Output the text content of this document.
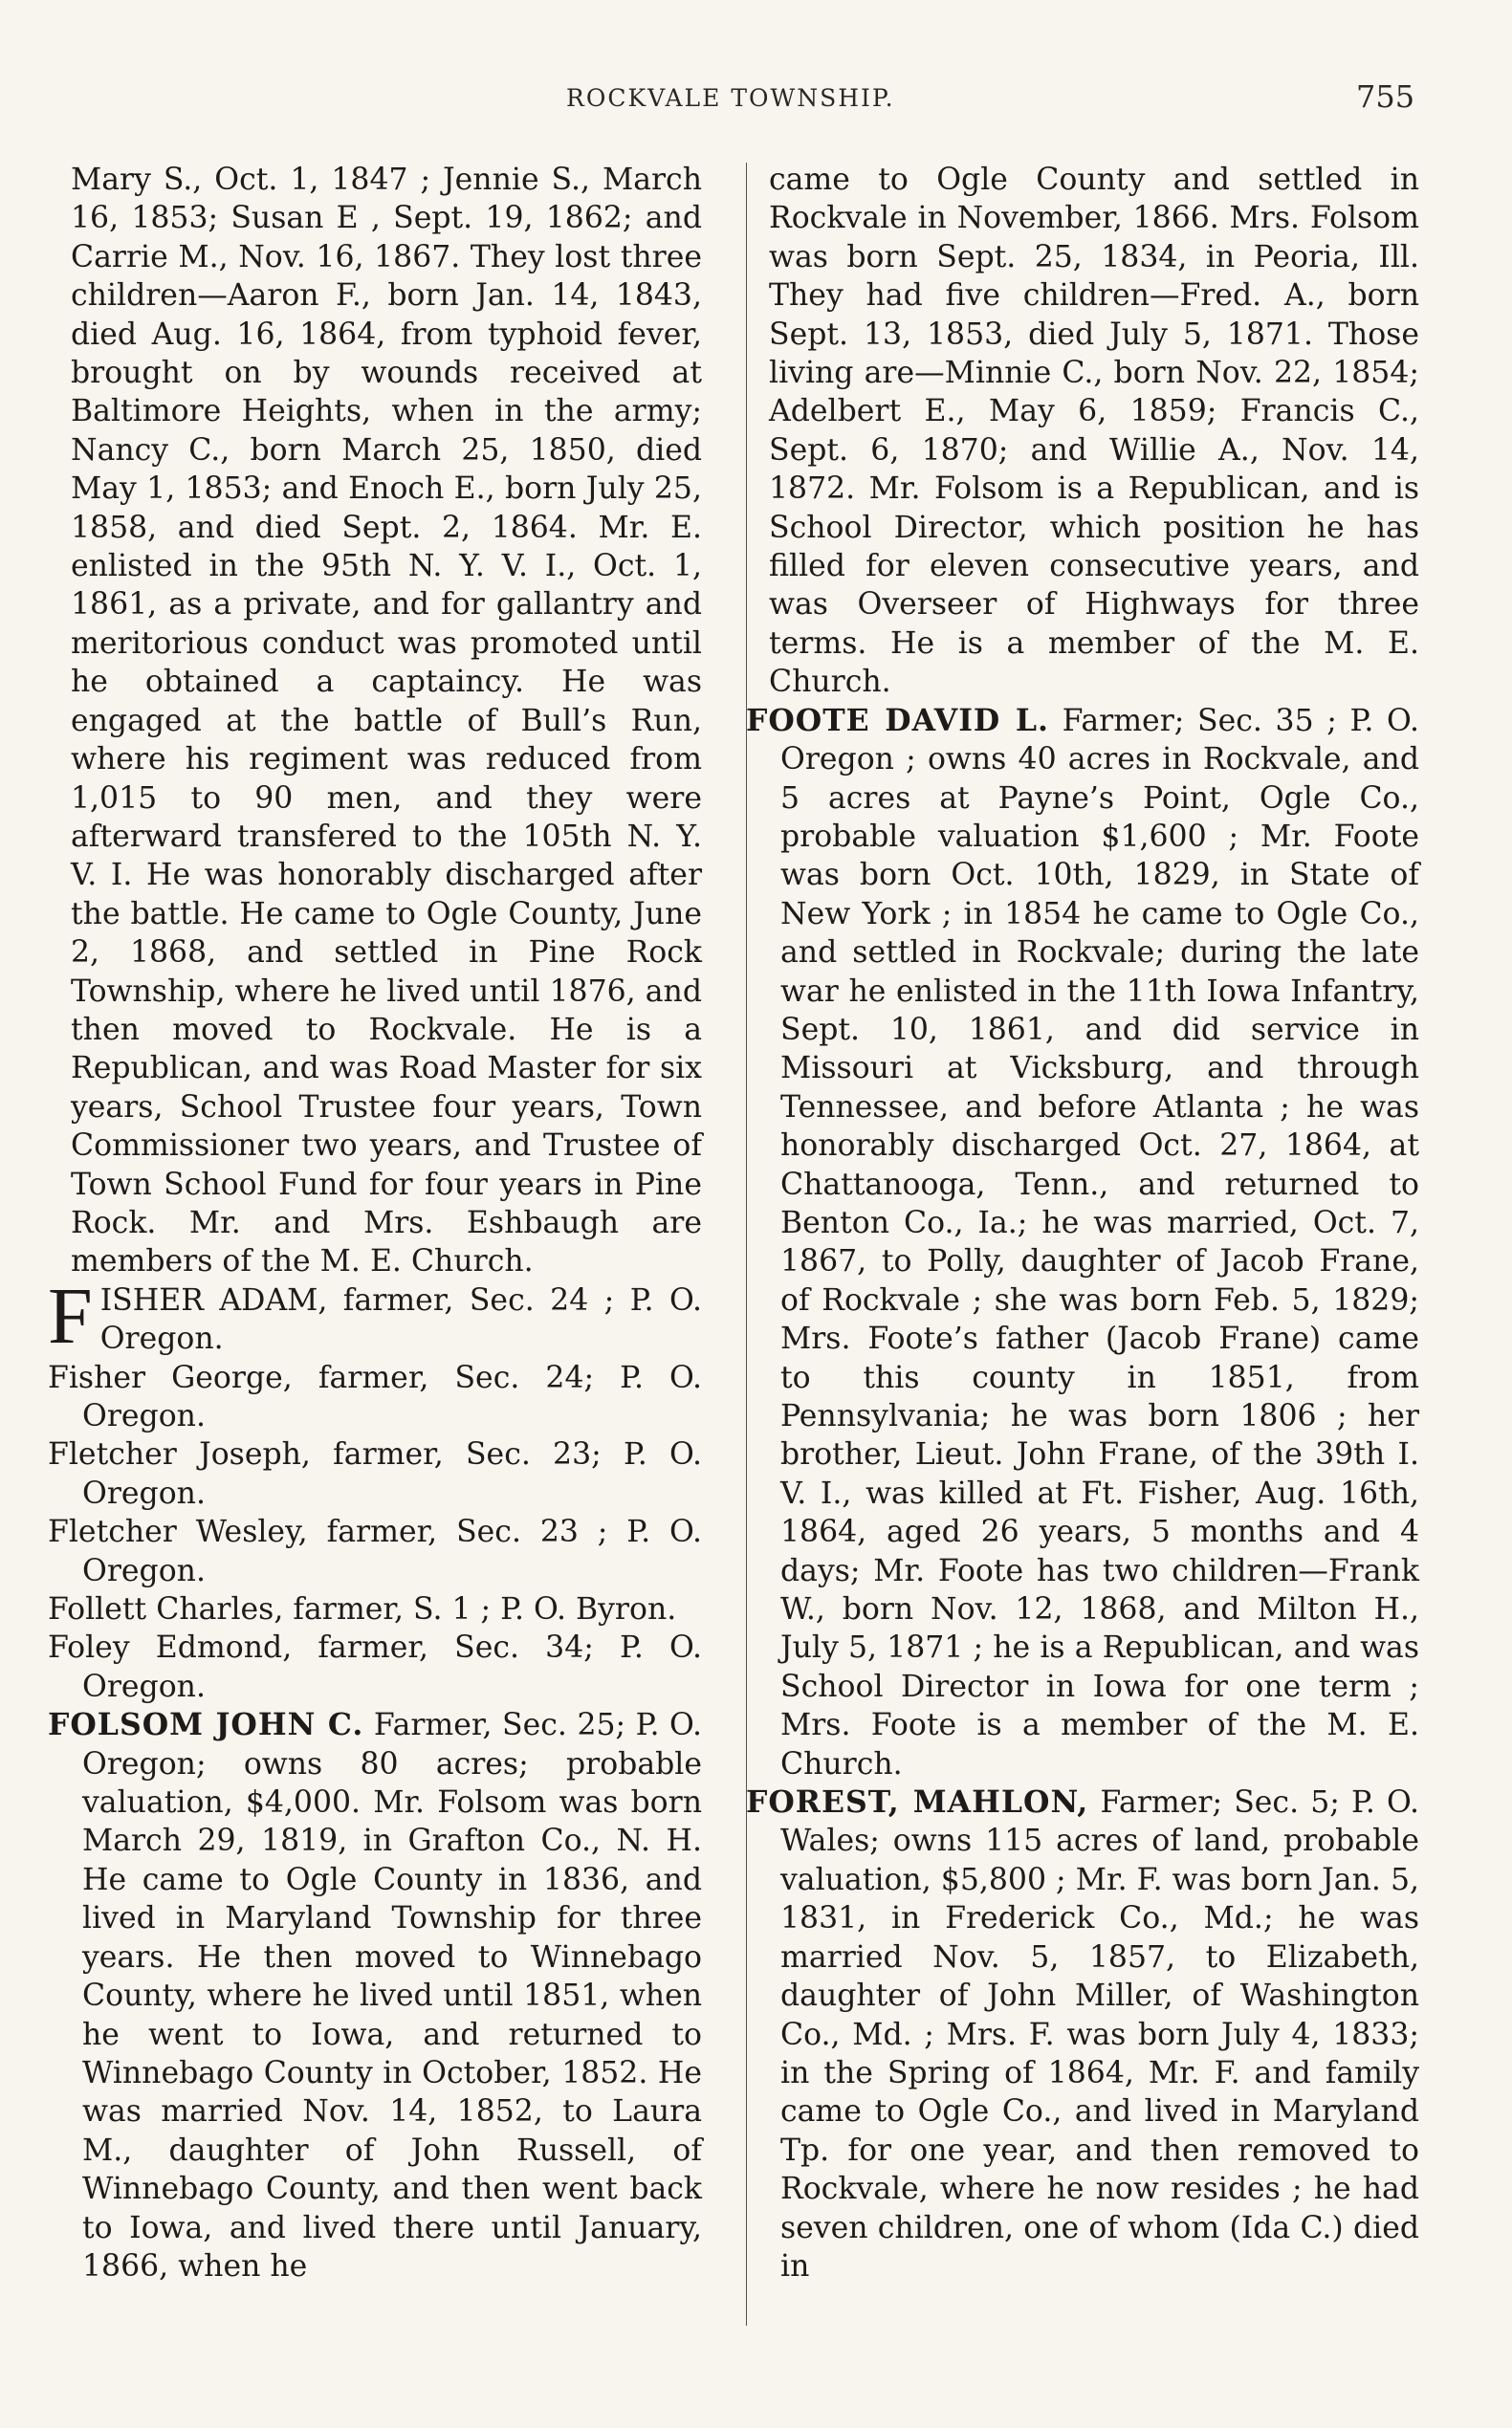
ROCKVALE TOWNSHIP.	755

Mary S., Oct. 1, 1847 ; Jennie S., March 16, 1853; Susan E , Sept. 19, 1862; and Carrie M., Nov. 16, 1867. They lost three children—Aaron F., born Jan. 14, 1843, died Aug. 16, 1864, from typhoid fever, brought on by wounds received at Baltimore Heights, when in the army; Nancy C., born March 25, 1850, died May 1, 1853; and Enoch E., born July 25, 1858, and died Sept. 2, 1864. Mr. E. enlisted in the 95th N. Y. V. I., Oct. 1, 1861, as a private, and for gallantry and meritorious conduct was promoted until he obtained a captaincy. He was engaged at the battle of Bull’s Run, where his regiment was reduced from 1,015 to 90 men, and they were afterward transfered to the 105th N. Y. V. I. He was honorably discharged after the battle. He came to Ogle County, June 2, 1868, and settled in Pine Rock Township, where he lived until 1876, and then moved to Rockvale. He is a Republican, and was Road Master for six years, School Trustee four years, Town Commissioner two years, and Trustee of Town School Fund for four years in Pine Rock. Mr. and Mrs. Eshbaugh are members of the M. E. Church.

FISHER ADAM, farmer, Sec. 24 ; P. O. Oregon.

Fisher George, farmer, Sec. 24; P. O. Oregon.

Fletcher Joseph, farmer, Sec. 23; P. O. Oregon.

Fletcher Wesley, farmer, Sec. 23 ; P. O. Oregon.

Follett Charles, farmer, S. 1 ; P. O. Byron.

Foley Edmond, farmer, Sec. 34; P. O. Oregon.

FOLSOM JOHN C. Farmer, Sec. 25; P. O. Oregon; owns 80 acres; probable valuation, $4,000. Mr. Folsom was born March 29, 1819, in Grafton Co., N. H. He came to Ogle County in 1836, and lived in Maryland Township for three years. He then moved to Winnebago County, where he lived until 1851, when he went to Iowa, and returned to Winnebago County in October, 1852. He was married Nov. 14, 1852, to Laura M., daughter of John Russell, of Winnebago County, and then went back to Iowa, and lived there until January, 1866, when he

came to Ogle County and settled in Rockvale in November, 1866. Mrs. Folsom was born Sept. 25, 1834, in Peoria, Ill. They had five children—Fred. A., born Sept. 13, 1853, died July 5, 1871. Those living are—Minnie C., born Nov. 22, 1854; Adelbert E., May 6, 1859; Francis C., Sept. 6, 1870; and Willie A., Nov. 14, 1872. Mr. Folsom is a Republican, and is School Director, which position he has filled for eleven consecutive years, and was Overseer of Highways for three terms. He is a member of the M. E. Church.

FOOTE DAVID L. Farmer; Sec. 35 ; P. O. Oregon ; owns 40 acres in Rockvale, and 5 acres at Payne’s Point, Ogle Co., probable valuation $1,600 ; Mr. Foote was born Oct. 10th, 1829, in State of New York ; in 1854 he came to Ogle Co., and settled in Rockvale; during the late war he enlisted in the 11th Iowa Infantry, Sept. 10, 1861, and did service in Missouri at Vicksburg, and through Tennessee, and before Atlanta ; he was honorably discharged Oct. 27, 1864, at Chattanooga, Tenn., and returned to Benton Co., Ia.; he was married, Oct. 7, 1867, to Polly, daughter of Jacob Frane, of Rockvale ; she was born Feb. 5, 1829; Mrs. Foote’s father (Jacob Frane) came to this county in 1851, from Pennsylvania; he was born 1806 ; her brother, Lieut. John Frane, of the 39th I. V. I., was killed at Ft. Fisher, Aug. 16th, 1864, aged 26 years, 5 months and 4 days; Mr. Foote has two children—Frank W., born Nov. 12, 1868, and Milton H., July 5, 1871 ; he is a Republican, and was School Director in Iowa for one term ; Mrs. Foote is a member of the M. E. Church.

FOREST, MAHLON, Farmer; Sec. 5; P. O. Wales; owns 115 acres of land, probable valuation, $5,800 ; Mr. F. was born Jan. 5, 1831, in Frederick Co., Md.; he was married Nov. 5, 1857, to Elizabeth, daughter of John Miller, of Washington Co., Md. ; Mrs. F. was born July 4, 1833; in the Spring of 1864, Mr. F. and family came to Ogle Co., and lived in Maryland Tp. for one year, and then removed to Rockvale, where he now resides ; he had seven children, one of whom (Ida C.) died in
